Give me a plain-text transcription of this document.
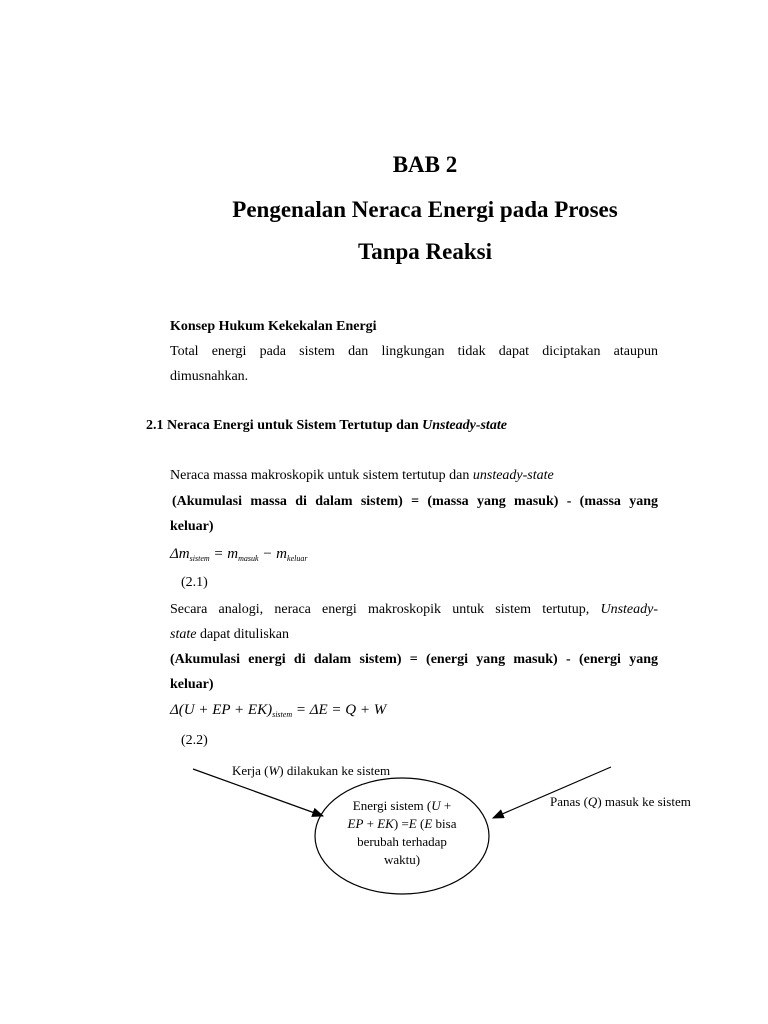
BAB 2
Pengenalan Neraca Energi pada Proses
Tanpa Reaksi
Konsep Hukum Kekekalan Energi
Total energi pada sistem dan lingkungan tidak dapat diciptakan ataupun
dimusnahkan.
2.1 Neraca Energi untuk Sistem Tertutup dan Unsteady-state
Neraca massa makroskopik untuk sistem tertutup dan unsteady-state
(Akumulasi massa di dalam sistem) = (massa yang masuk) - (massa yang
keluar)
$\Delta m_{sistem} = m_{masuk} - m_{keluar}$
(2.1)
Secara analogi, neraca energi makroskopik untuk sistem tertutup, Unsteady-
state dapat dituliskan
(Akumulasi energi di dalam sistem) = (energi yang masuk) - (energi yang
keluar)
Δ(U + EP + $EK)_{sistem} = \Delta E = Q + W$
(2.2)
Kerja (W) dilakukan ke sistem
Panas (Q) masuk ke sistem
Energi sistem (U +
EP + EK) =E (E bisa
berubah terhadap
waktu)
